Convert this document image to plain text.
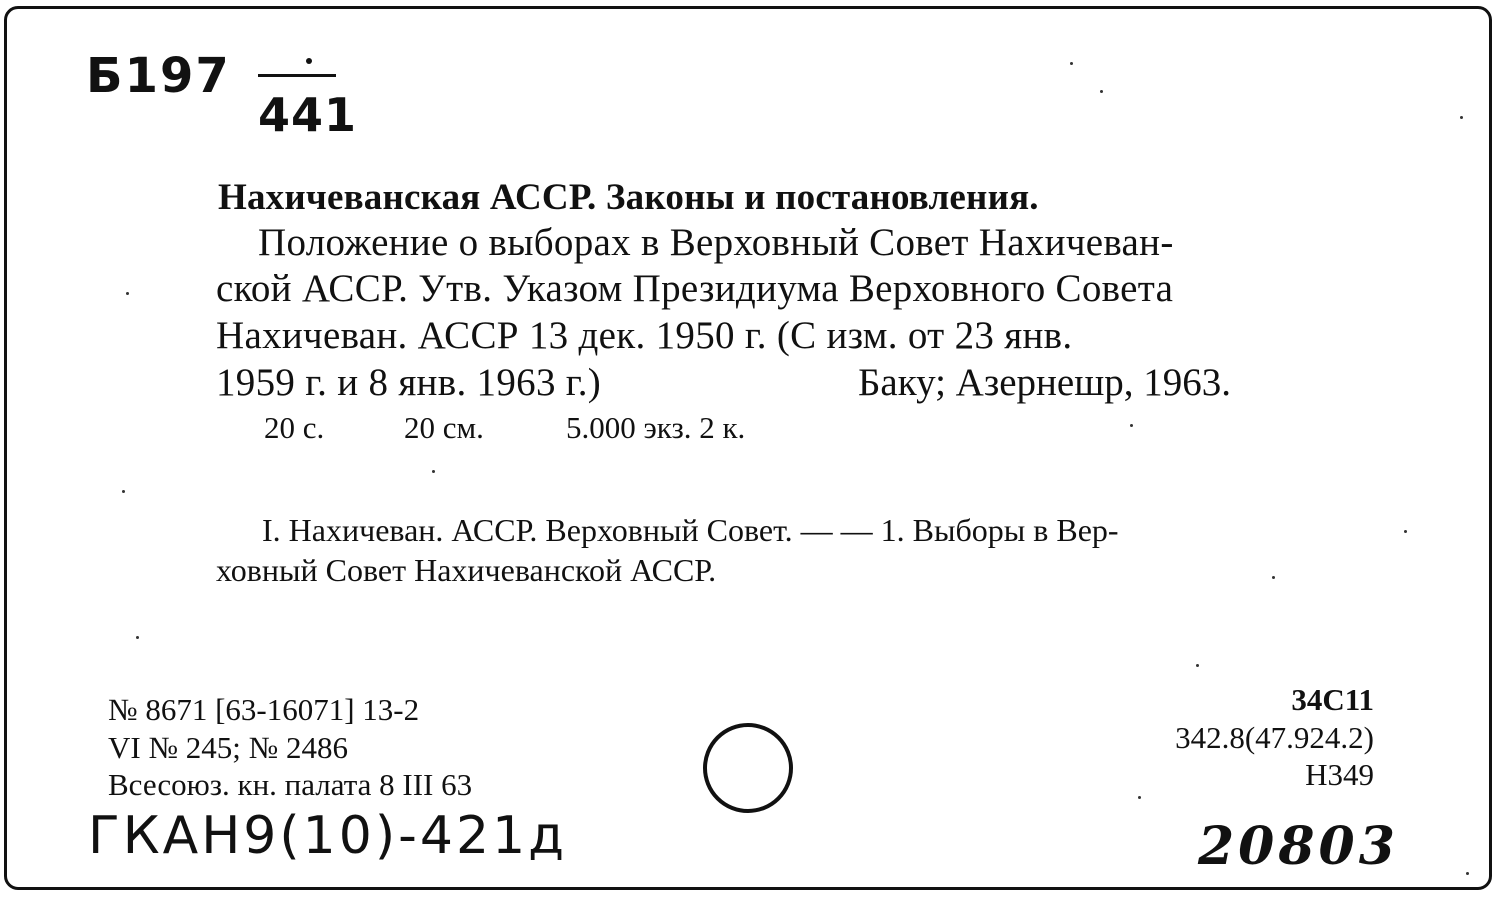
Б197
441
Нахичеванская АССР. Законы и постановления.
Положение о выборах в Верховный Совет Нахичеван-
ской АССР. Утв. Указом Президиума Верховного Совета
Нахичеван. АССР 13 дек. 1950 г. (С изм. от 23 янв.
1959 г. и 8 янв. 1963 г.)	Баку; Азернешр, 1963.
20 с.	20 см.	5.000 экз. 2 к.
I. Нахичеван. АССР. Верховный Совет. — — 1. Выборы в Вер-
ховный Совет Нахичеванской АССР.
№ 8671 [63-16071] 13-2
VI № 245; № 2486
Всесоюз. кн. палата 8 III 63
34С11
342.8(47.924.2)
Н349
ГКАН9(10)-421д	20803
